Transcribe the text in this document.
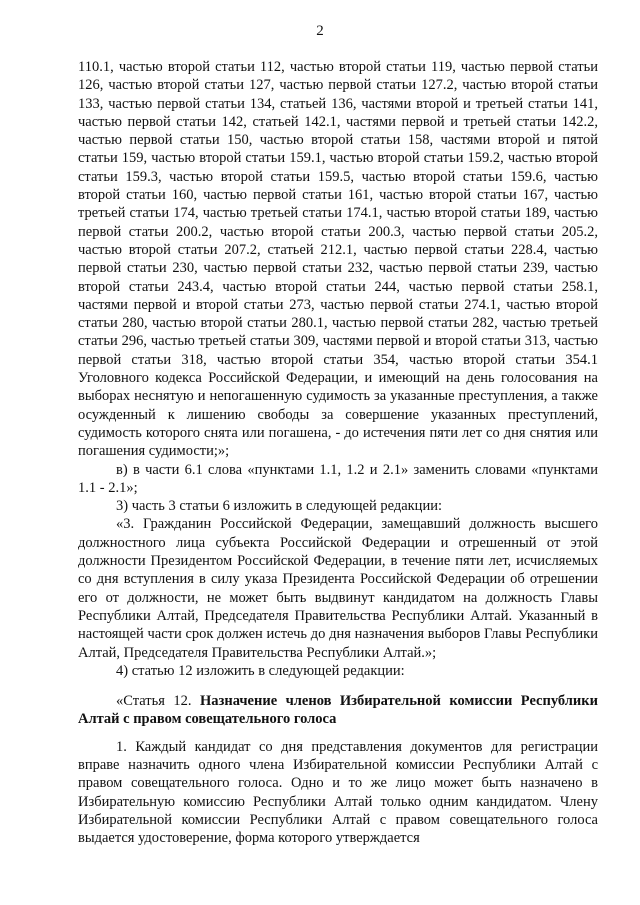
2

110.1, частью второй статьи 112, частью второй статьи 119, частью первой статьи 126, частью второй статьи 127, частью первой статьи 127.2, частью второй статьи 133, частью первой статьи 134, статьей 136, частями второй и третьей статьи 141, частью первой статьи 142, статьей 142.1, частями первой и третьей статьи 142.2, частью первой статьи 150, частью второй статьи 158, частями второй и пятой статьи 159, частью второй статьи 159.1, частью второй статьи 159.2, частью второй статьи 159.3, частью второй статьи 159.5, частью второй статьи 159.6, частью второй статьи 160, частью первой статьи 161, частью второй статьи 167, частью третьей статьи 174, частью третьей статьи 174.1, частью второй статьи 189, частью первой статьи 200.2, частью второй статьи 200.3, частью первой статьи 205.2, частью второй статьи 207.2, статьей 212.1, частью первой статьи 228.4, частью первой статьи 230, частью первой статьи 232, частью первой статьи 239, частью второй статьи 243.4, частью второй статьи 244, частью первой статьи 258.1, частями первой и второй статьи 273, частью первой статьи 274.1, частью второй статьи 280, частью второй статьи 280.1, частью первой статьи 282, частью третьей статьи 296, частью третьей статьи 309, частями первой и второй статьи 313, частью первой статьи 318, частью второй статьи 354, частью второй статьи 354.1 Уголовного кодекса Российской Федерации, и имеющий на день голосования на выборах неснятую и непогашенную судимость за указанные преступления, а также осужденный к лишению свободы за совершение указанных преступлений, судимость которого снята или погашена, - до истечения пяти лет со дня снятия или погашения судимости;»;

в) в части 6.1 слова «пунктами 1.1, 1.2 и 2.1» заменить словами «пунктами 1.1 - 2.1»;

3) часть 3 статьи 6 изложить в следующей редакции:

«3. Гражданин Российской Федерации, замещавший должность высшего должностного лица субъекта Российской Федерации и отрешенный от этой должности Президентом Российской Федерации, в течение пяти лет, исчисляемых со дня вступления в силу указа Президента Российской Федерации об отрешении его от должности, не может быть выдвинут кандидатом на должность Главы Республики Алтай, Председателя Правительства Республики Алтай. Указанный в настоящей части срок должен истечь до дня назначения выборов Главы Республики Алтай, Председателя Правительства Республики Алтай.»;

4) статью 12 изложить в следующей редакции:

«Статья 12. Назначение членов Избирательной комиссии Республики Алтай с правом совещательного голоса

1. Каждый кандидат со дня представления документов для регистрации вправе назначить одного члена Избирательной комиссии Республики Алтай с правом совещательного голоса. Одно и то же лицо может быть назначено в Избирательную комиссию Республики Алтай только одним кандидатом. Члену Избирательной комиссии Республики Алтай с правом совещательного голоса выдается удостоверение, форма которого утверждается
